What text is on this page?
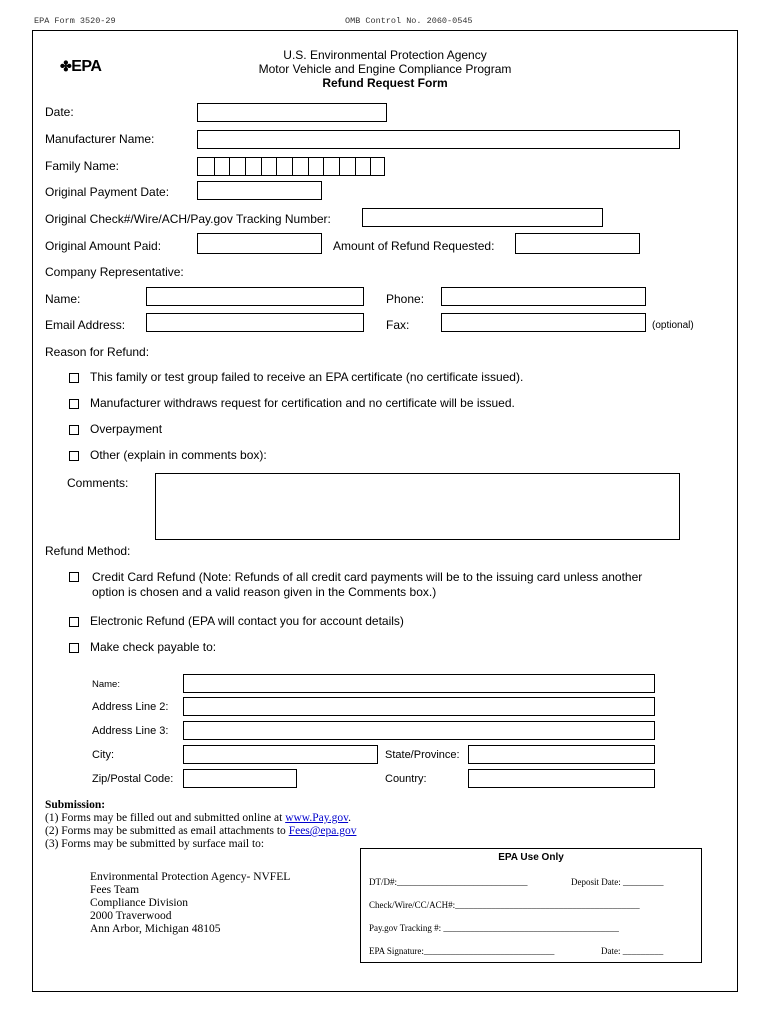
EPA Form 3520-29	OMB Control No. 2060-0545
✤EPA
U.S. Environmental Protection Agency
Motor Vehicle and Engine Compliance Program
Refund Request Form
Date:
Manufacturer Name:
Family Name:
Original Payment Date:
Original Check#/Wire/ACH/Pay.gov Tracking Number:
Original Amount Paid:	Amount of Refund Requested:
Company Representative:
Name:	Phone:
Email Address:	Fax:	(optional)
Reason for Refund:
This family or test group failed to receive an EPA certificate (no certificate issued).
Manufacturer withdraws request for certification and no certificate will be issued.
Overpayment
Other (explain in comments box):
Comments:
Refund Method:
Credit Card Refund (Note: Refunds of all credit card payments will be to the issuing card unless another
option is chosen and a valid reason given in the Comments box.)
Electronic Refund (EPA will contact you for account details)
Make check payable to:
Name:
Address Line 2:
Address Line 3:
City:	State/Province:
Zip/Postal Code:	Country:
Submission:
(1) Forms may be filled out and submitted online at www.Pay.gov.
(2) Forms may be submitted as email attachments to Fees@epa.gov
(3) Forms may be submitted by surface mail to:
Environmental Protection Agency- NVFEL
Fees Team
Compliance Division
2000 Traverwood
Ann Arbor, Michigan 48105
EPA Use Only
DT/D#:_____________________________	Deposit Date: _________
Check/Wire/CC/ACH#:_________________________________________
Pay.gov Tracking #: _______________________________________
EPA Signature:_____________________________	Date: _________
